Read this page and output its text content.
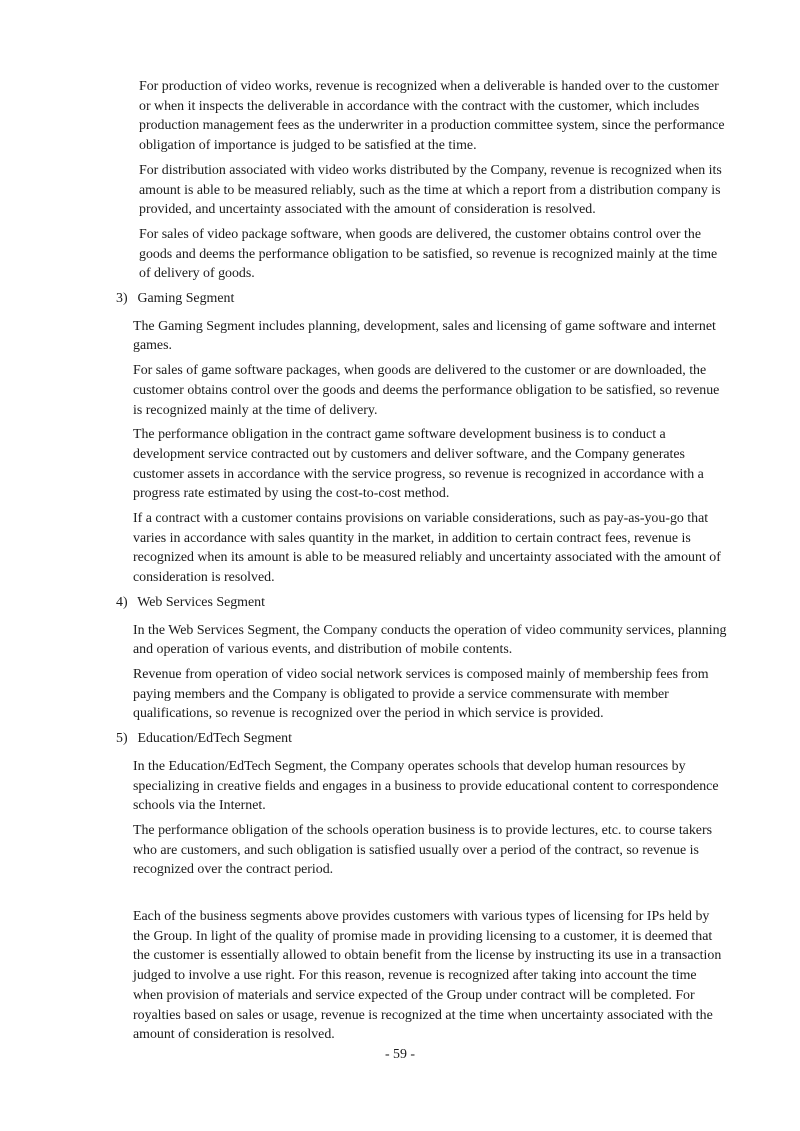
For production of video works, revenue is recognized when a deliverable is handed over to the customer or when it inspects the deliverable in accordance with the contract with the customer, which includes production management fees as the underwriter in a production committee system, since the performance obligation of importance is judged to be satisfied at the time.

For distribution associated with video works distributed by the Company, revenue is recognized when its amount is able to be measured reliably, such as the time at which a report from a distribution company is provided, and uncertainty associated with the amount of consideration is resolved.

For sales of video package software, when goods are delivered, the customer obtains control over the goods and deems the performance obligation to be satisfied, so revenue is recognized mainly at the time of delivery of goods.

3) Gaming Segment

The Gaming Segment includes planning, development, sales and licensing of game software and internet games.

For sales of game software packages, when goods are delivered to the customer or are downloaded, the customer obtains control over the goods and deems the performance obligation to be satisfied, so revenue is recognized mainly at the time of delivery.

The performance obligation in the contract game software development business is to conduct a development service contracted out by customers and deliver software, and the Company generates customer assets in accordance with the service progress, so revenue is recognized in accordance with a progress rate estimated by using the cost-to-cost method.

If a contract with a customer contains provisions on variable considerations, such as pay-as-you-go that varies in accordance with sales quantity in the market, in addition to certain contract fees, revenue is recognized when its amount is able to be measured reliably and uncertainty associated with the amount of consideration is resolved.

4) Web Services Segment

In the Web Services Segment, the Company conducts the operation of video community services, planning and operation of various events, and distribution of mobile contents.

Revenue from operation of video social network services is composed mainly of membership fees from paying members and the Company is obligated to provide a service commensurate with member qualifications, so revenue is recognized over the period in which service is provided.

5) Education/EdTech Segment

In the Education/EdTech Segment, the Company operates schools that develop human resources by specializing in creative fields and engages in a business to provide educational content to correspondence schools via the Internet.

The performance obligation of the schools operation business is to provide lectures, etc. to course takers who are customers, and such obligation is satisfied usually over a period of the contract, so revenue is recognized over the contract period.

Each of the business segments above provides customers with various types of licensing for IPs held by the Group. In light of the quality of promise made in providing licensing to a customer, it is deemed that the customer is essentially allowed to obtain benefit from the license by instructing its use in a transaction judged to involve a use right. For this reason, revenue is recognized after taking into account the time when provision of materials and service expected of the Group under contract will be completed. For royalties based on sales or usage, revenue is recognized at the time when uncertainty associated with the amount of consideration is resolved.

- 59 -
